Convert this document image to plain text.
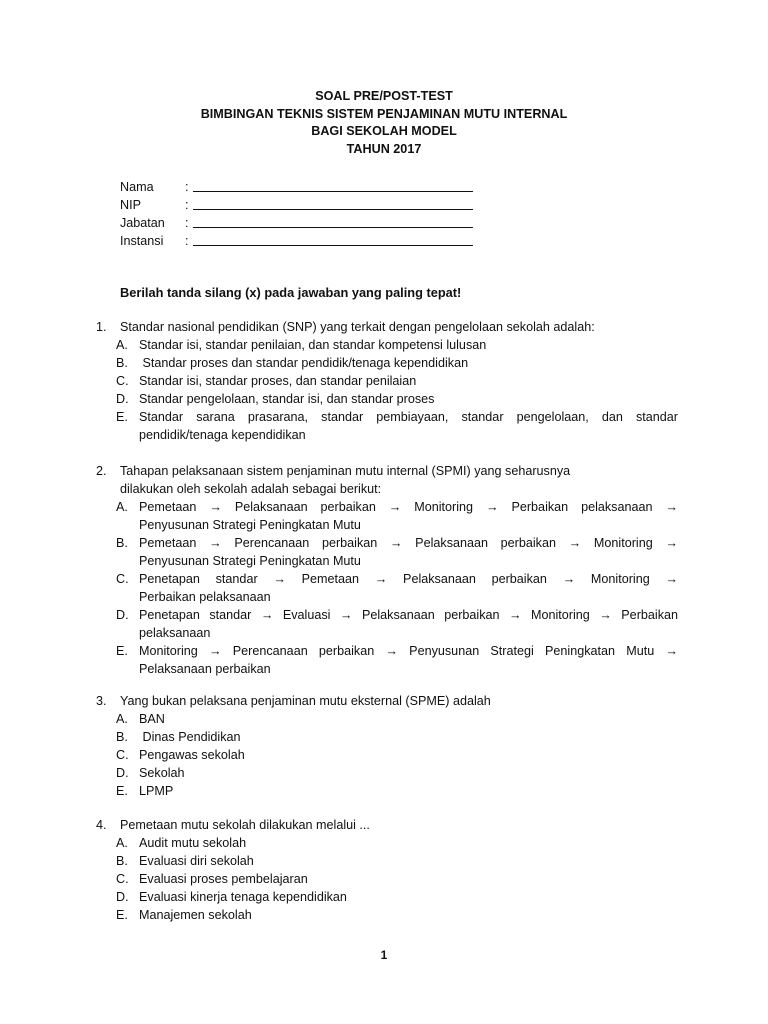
SOAL PRE/POST-TEST
BIMBINGAN TEKNIS SISTEM PENJAMINAN MUTU INTERNAL
BAGI SEKOLAH MODEL
TAHUN 2017
Nama :
NIP	:
Jabatan :
Instansi :
Berilah tanda silang (x) pada jawaban yang paling tepat!
1. Standar nasional pendidikan (SNP) yang terkait dengan pengelolaan sekolah adalah:
A. Standar isi, standar penilaian, dan standar kompetensi lulusan
B. Standar proses dan standar pendidik/tenaga kependidikan
C. Standar isi, standar proses, dan standar penilaian
D. Standar pengelolaan, standar isi, dan standar proses
E. Standar sarana prasarana, standar pembiayaan, standar pengelolaan, dan standar
pendidik/tenaga kependidikan
2. Tahapan pelaksanaan sistem penjaminan mutu internal (SPMI) yang seharusnya
dilakukan oleh sekolah adalah sebagai berikut:
A. Pemetaan → Pelaksanaan perbaikan → Monitoring → Perbaikan pelaksanaan →
Penyusunan Strategi Peningkatan Mutu
B. Pemetaan → Perencanaan perbaikan → Pelaksanaan perbaikan → Monitoring →
Penyusunan Strategi Peningkatan Mutu
C. Penetapan standar → Pemetaan → Pelaksanaan perbaikan → Monitoring →
Perbaikan pelaksanaan
D. Penetapan standar → Evaluasi → Pelaksanaan perbaikan → Monitoring → Perbaikan
pelaksanaan
E. Monitoring → Perencanaan perbaikan → Penyusunan Strategi Peningkatan Mutu →
Pelaksanaan perbaikan
3. Yang bukan pelaksana penjaminan mutu eksternal (SPME) adalah
A. BAN
B. Dinas Pendidikan
C. Pengawas sekolah
D. Sekolah
E. LPMP
4. Pemetaan mutu sekolah dilakukan melalui ...
A. Audit mutu sekolah
B. Evaluasi diri sekolah
C. Evaluasi proses pembelajaran
D. Evaluasi kinerja tenaga kependidikan
E. Manajemen sekolah
1
